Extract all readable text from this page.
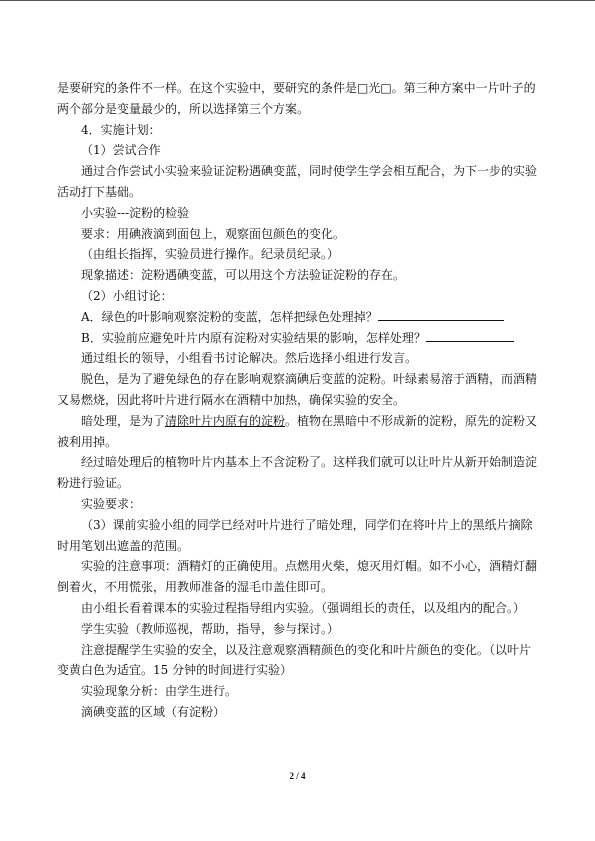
是要研究的条件不一样。在这个实验中，要研究的条件是□光□。第三种方案中一片叶子的两个部分是变量最少的，所以选择第三个方案。

4．实施计划：

（1）尝试合作

通过合作尝试小实验来验证淀粉遇碘变蓝，同时使学生学会相互配合，为下一步的实验活动打下基础。

小实验---淀粉的检验

要求：用碘液滴到面包上，观察面包颜色的变化。

（由组长指挥，实验员进行操作。纪录员纪录。）

现象描述：淀粉遇碘变蓝，可以用这个方法验证淀粉的存在。

（2）小组讨论：

A．绿色的叶影响观察淀粉的变蓝，怎样把绿色处理掉？

B．实验前应避免叶片内原有淀粉对实验结果的影响，怎样处理？

通过组长的领导，小组看书讨论解决。然后选择小组进行发言。

脱色，是为了避免绿色的存在影响观察滴碘后变蓝的淀粉。叶绿素易溶于酒精，而酒精又易燃烧，因此将叶片进行隔水在酒精中加热，确保实验的安全。

暗处理，是为了清除叶片内原有的淀粉。植物在黑暗中不形成新的淀粉，原先的淀粉又被利用掉。

经过暗处理后的植物叶片内基本上不含淀粉了。这样我们就可以让叶片从新开始制造淀粉进行验证。

实验要求：

（3）课前实验小组的同学已经对叶片进行了暗处理，同学们在将叶片上的黑纸片摘除时用笔划出遮盖的范围。

实验的注意事项：酒精灯的正确使用。点燃用火柴，熄灭用灯帽。如不小心，酒精灯翻倒着火，不用慌张，用教师准备的湿毛巾盖住即可。

由小组长看着课本的实验过程指导组内实验。（强调组长的责任，以及组内的配合。）

学生实验（教师巡视，帮助，指导，参与探讨。）

注意提醒学生实验的安全，以及注意观察酒精颜色的变化和叶片颜色的变化。（以叶片变黄白色为适宜。15 分钟的时间进行实验）

实验现象分析：由学生进行。

滴碘变蓝的区域（有淀粉）

2 / 4
